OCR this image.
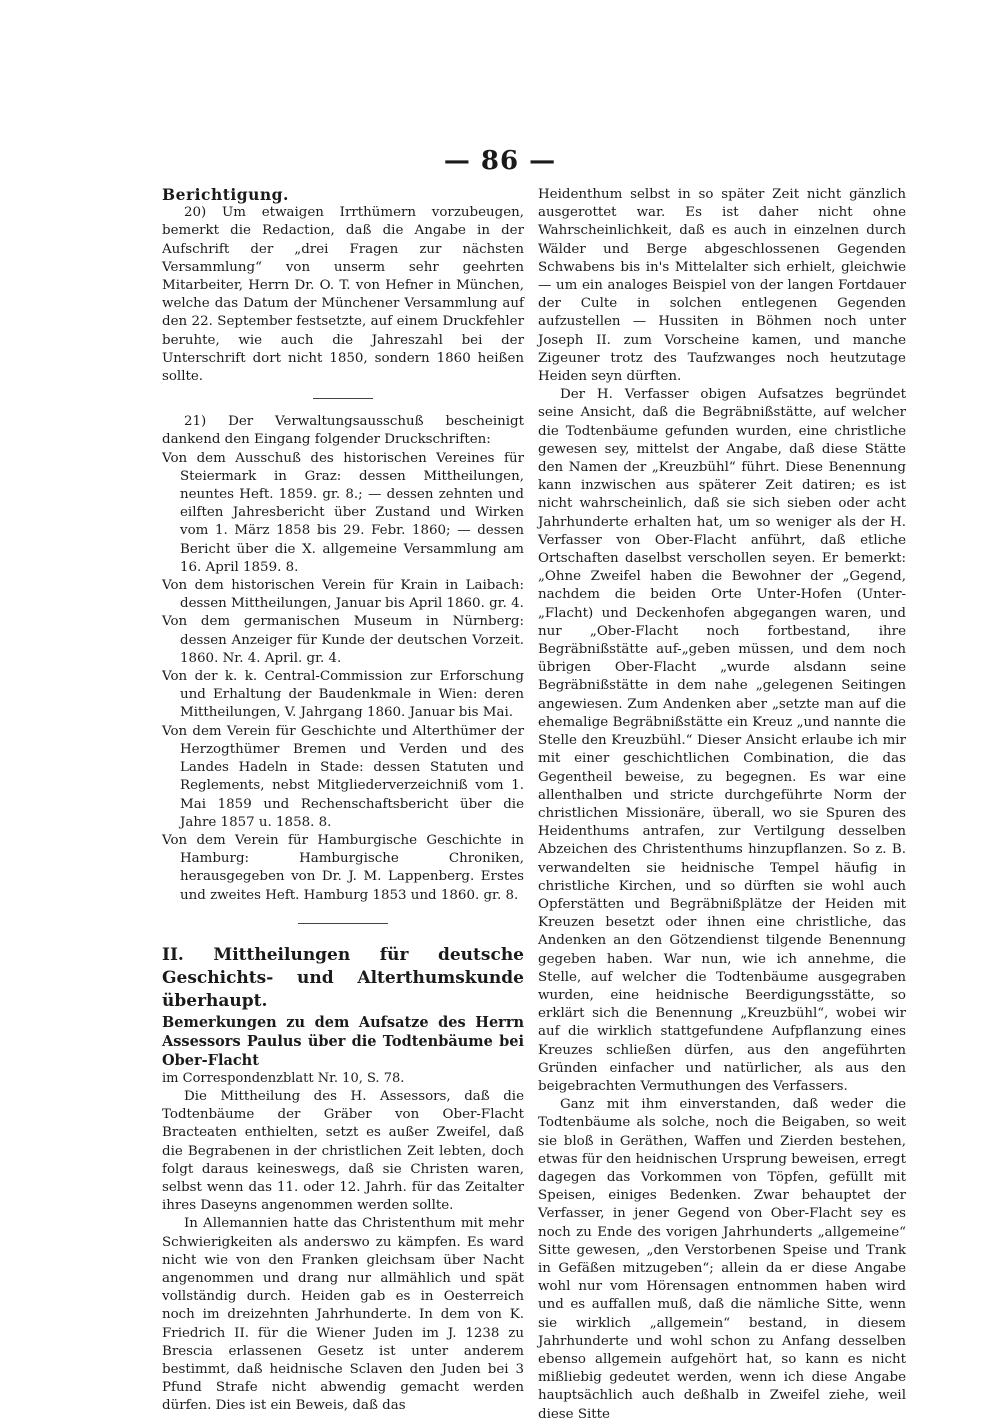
— 86 —

Berichtigung.

20) Um etwaigen Irrthümern vorzubeugen, bemerkt die Redaction, daß die Angabe in der Aufschrift der „drei Fragen zur nächsten Versammlung“ von unserm sehr geehrten Mitarbeiter, Herrn Dr. O. T. von Hefner in München, welche das Datum der Münchener Versammlung auf den 22. September festsetzte, auf einem Druckfehler beruhte, wie auch die Jahreszahl bei der Unterschrift dort nicht 1850, sondern 1860 heißen sollte.

21) Der Verwaltungsausschuß bescheinigt dankend den Eingang folgender Druckschriften:

Von dem Ausschuß des historischen Vereines für Steiermark in Graz: dessen Mittheilungen, neuntes Heft. 1859. gr. 8.; — dessen zehnten und eilften Jahresbericht über Zustand und Wirken vom 1. März 1858 bis 29. Febr. 1860; — dessen Bericht über die X. allgemeine Versammlung am 16. April 1859. 8.

Von dem historischen Verein für Krain in Laibach: dessen Mittheilungen, Januar bis April 1860. gr. 4.

Von dem germanischen Museum in Nürnberg: dessen Anzeiger für Kunde der deutschen Vorzeit. 1860. Nr. 4. April. gr. 4.

Von der k. k. Central-Commission zur Erforschung und Erhaltung der Baudenkmale in Wien: deren Mittheilungen, V. Jahrgang 1860. Januar bis Mai.

Von dem Verein für Geschichte und Alterthümer der Herzogthümer Bremen und Verden und des Landes Hadeln in Stade: dessen Statuten und Reglements, nebst Mitgliederverzeichniß vom 1. Mai 1859 und Rechenschaftsbericht über die Jahre 1857 u. 1858. 8.

Von dem Verein für Hamburgische Geschichte in Hamburg: Hamburgische Chroniken, herausgegeben von Dr. J. M. Lappenberg. Erstes und zweites Heft. Hamburg 1853 und 1860. gr. 8.

II. Mittheilungen für deutsche Geschichts- und Alterthumskunde überhaupt.

Bemerkungen zu dem Aufsatze des Herrn Assessors Paulus über die Todtenbäume bei Ober-Flacht

im Correspondenzblatt Nr. 10, S. 78.

Die Mittheilung des H. Assessors, daß die Todtenbäume der Gräber von Ober-Flacht Bracteaten enthielten, setzt es außer Zweifel, daß die Begrabenen in der christlichen Zeit lebten, doch folgt daraus keineswegs, daß sie Christen waren, selbst wenn das 11. oder 12. Jahrh. für das Zeitalter ihres Daseyns angenommen werden sollte.

In Allemannien hatte das Christenthum mit mehr Schwierigkeiten als anderswo zu kämpfen. Es ward nicht wie von den Franken gleichsam über Nacht angenommen und drang nur allmählich und spät vollständig durch. Heiden gab es in Oesterreich noch im dreizehnten Jahrhunderte. In dem von K. Friedrich II. für die Wiener Juden im J. 1238 zu Brescia erlassenen Gesetz ist unter anderem bestimmt, daß heidnische Sclaven den Juden bei 3 Pfund Strafe nicht abwendig gemacht werden dürfen. Dies ist ein Beweis, daß das

Heidenthum selbst in so später Zeit nicht gänzlich ausgerottet war. Es ist daher nicht ohne Wahrscheinlichkeit, daß es auch in einzelnen durch Wälder und Berge abgeschlossenen Gegenden Schwabens bis in's Mittelalter sich erhielt, gleichwie — um ein analoges Beispiel von der langen Fortdauer der Culte in solchen entlegenen Gegenden aufzustellen — Hussiten in Böhmen noch unter Joseph II. zum Vorscheine kamen, und manche Zigeuner trotz des Taufzwanges noch heutzutage Heiden seyn dürften.

Der H. Verfasser obigen Aufsatzes begründet seine Ansicht, daß die Begräbnißstätte, auf welcher die Todtenbäume gefunden wurden, eine christliche gewesen sey, mittelst der Angabe, daß diese Stätte den Namen der „Kreuzbühl“ führt. Diese Benennung kann inzwischen aus späterer Zeit datiren; es ist nicht wahrscheinlich, daß sie sich sieben oder acht Jahrhunderte erhalten hat, um so weniger als der H. Verfasser von Ober-Flacht anführt, daß etliche Ortschaften daselbst verschollen seyen. Er bemerkt: „Ohne Zweifel haben die Bewohner der „Gegend, nachdem die beiden Orte Unter-Hofen (Unter-„Flacht) und Deckenhofen abgegangen waren, und nur „Ober-Flacht noch fortbestand, ihre Begräbnißstätte auf-„geben müssen, und dem noch übrigen Ober-Flacht „wurde alsdann seine Begräbnißstätte in dem nahe „gelegenen Seitingen angewiesen. Zum Andenken aber „setzte man auf die ehemalige Begräbnißstätte ein Kreuz „und nannte die Stelle den Kreuzbühl.“ Dieser Ansicht erlaube ich mir mit einer geschichtlichen Combination, die das Gegentheil beweise, zu begegnen. Es war eine allenthalben und stricte durchgeführte Norm der christlichen Missionäre, überall, wo sie Spuren des Heidenthums antrafen, zur Vertilgung desselben Abzeichen des Christenthums hinzupflanzen. So z. B. verwandelten sie heidnische Tempel häufig in christliche Kirchen, und so dürften sie wohl auch Opferstätten und Begräbnißplätze der Heiden mit Kreuzen besetzt oder ihnen eine christliche, das Andenken an den Götzendienst tilgende Benennung gegeben haben. War nun, wie ich annehme, die Stelle, auf welcher die Todtenbäume ausgegraben wurden, eine heidnische Beerdigungsstätte, so erklärt sich die Benennung „Kreuzbühl“, wobei wir auf die wirklich stattgefundene Aufpflanzung eines Kreuzes schließen dürfen, aus den angeführten Gründen einfacher und natürlicher, als aus den beigebrachten Vermuthungen des Verfassers.

Ganz mit ihm einverstanden, daß weder die Todtenbäume als solche, noch die Beigaben, so weit sie bloß in Geräthen, Waffen und Zierden bestehen, etwas für den heidnischen Ursprung beweisen, erregt dagegen das Vorkommen von Töpfen, gefüllt mit Speisen, einiges Bedenken. Zwar behauptet der Verfasser, in jener Gegend von Ober-Flacht sey es noch zu Ende des vorigen Jahrhunderts „allgemeine“ Sitte gewesen, „den Verstorbenen Speise und Trank in Gefäßen mitzugeben“; allein da er diese Angabe wohl nur vom Hörensagen entnommen haben wird und es auffallen muß, daß die nämliche Sitte, wenn sie wirklich „allgemein“ bestand, in diesem Jahrhunderte und wohl schon zu Anfang desselben ebenso allgemein aufgehört hat, so kann es nicht mißliebig gedeutet werden, wenn ich diese Angabe hauptsächlich auch deßhalb in Zweifel ziehe, weil diese Sitte
